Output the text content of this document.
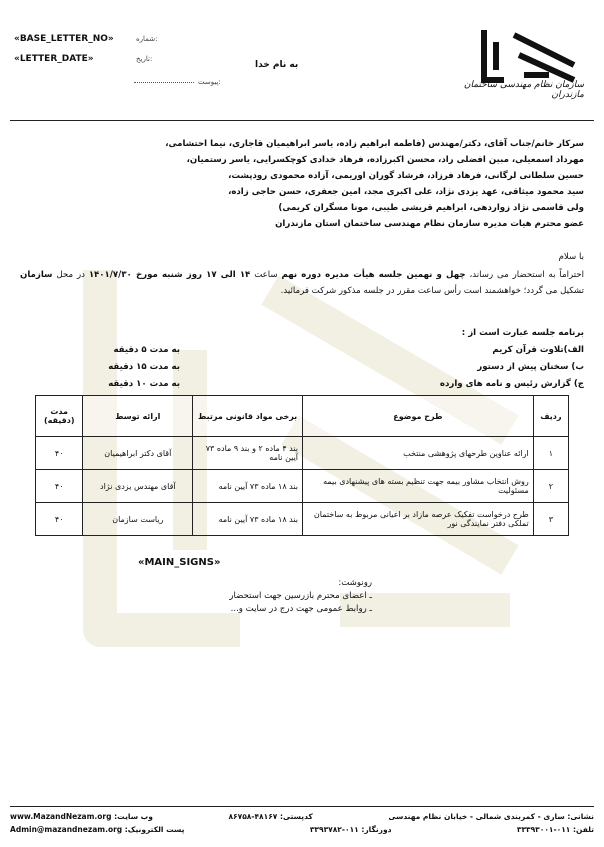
سازمان نظام مهندسی ساختمان مازندران
«BASE_LETTER_NO»	شماره:
«LETTER_DATE»	تاریخ:
پیوست:
به نام خدا
سرکار خانم/جناب آقای، دکتر/مهندس (فاطمه ابراهیم زاده، یاسر ابراهیمیان قاجاری، نیما احتشامی،
مهرداد اسمعیلی، مبین افضلی راد، محسن اکبرزاده، فرهاد خدادی کوچکسرایی، یاسر رستمیان،
حسین سلطانی لرگانی، فرهاد فرزاد، فرشاد گوران اوریمی، آزاده محمودی رودپشت،
سید محمود میثاقی، عهد یزدی نژاد، علی اکبری مجد، امین جعفری، حسن حاجی زاده،
ولی قاسمی نژاد زواردهی، ابراهیم قریشی طیبی، مونا مسگران کریمی)
عضو محترم هیات مدیره سازمان نظام مهندسی ساختمان استان مازندران
با سلام
احتراماً به استحضار می رساند، چهل و نهمین جلسه هیأت مدیره دوره نهم ساعت ۱۴ الی ۱۷ روز شنبه مورخ ۱۴۰۱/۷/۳۰ در محل سازمان تشکیل می گردد؛ خواهشمند است رأس ساعت مقرر در جلسه مذکور شرکت فرمائید.
برنامه جلسه عبارت است از :
الف)تلاوت قرآن کریم
به مدت ۵ دقیقه
ب) سخنان پیش از دستور
به مدت ۱۵ دقیقه
ج) گزارش رئیس و نامه های وارده
به مدت ۱۰ دقیقه
ردیف	طرح موضوع	برخی مواد قانونی مرتبط	ارائه توسط	مدت (دقیقه)
۱	ارائه عناوین طرحهای پژوهشی منتخب	بند ۴ ماده ۲ و بند ۹ ماده ۷۳ آیین نامه	آقای دکتر ابراهیمیان	۴۰
۲	روش انتخاب مشاور بیمه جهت تنظیم بسته های پیشنهادی بیمه مسئولیت	بند ۱۸ ماده ۷۳ آیین نامه	آقای مهندس یزدی نژاد	۴۰
۳	طرح درخواست تفکیک عرصه مازاد بر اعیانی مربوط به ساختمان تملکی دفتر نمایندگی نور	بند ۱۸ ماده ۷۳ آیین نامه	ریاست سازمان	۴۰
«MAIN_SIGNS»
رونوشت:
ـ اعضای محترم بازرسین جهت استحضار
ـ روابط عمومی جهت درج در سایت و...
نشانی: ساری - کمربندی شمالی - خیابان نظام مهندسی
کدپستی: ۴۸۱۶۷-۸۶۷۵۸
وب سایت: www.MazandNezam.org
تلفن: ۰۱۱-۳۳۳۹۳۰۰۱
دورنگار: ۰۱۱-۳۳۹۳۷۸۲
پست الکترونیک: Admin@mazandnezam.org
